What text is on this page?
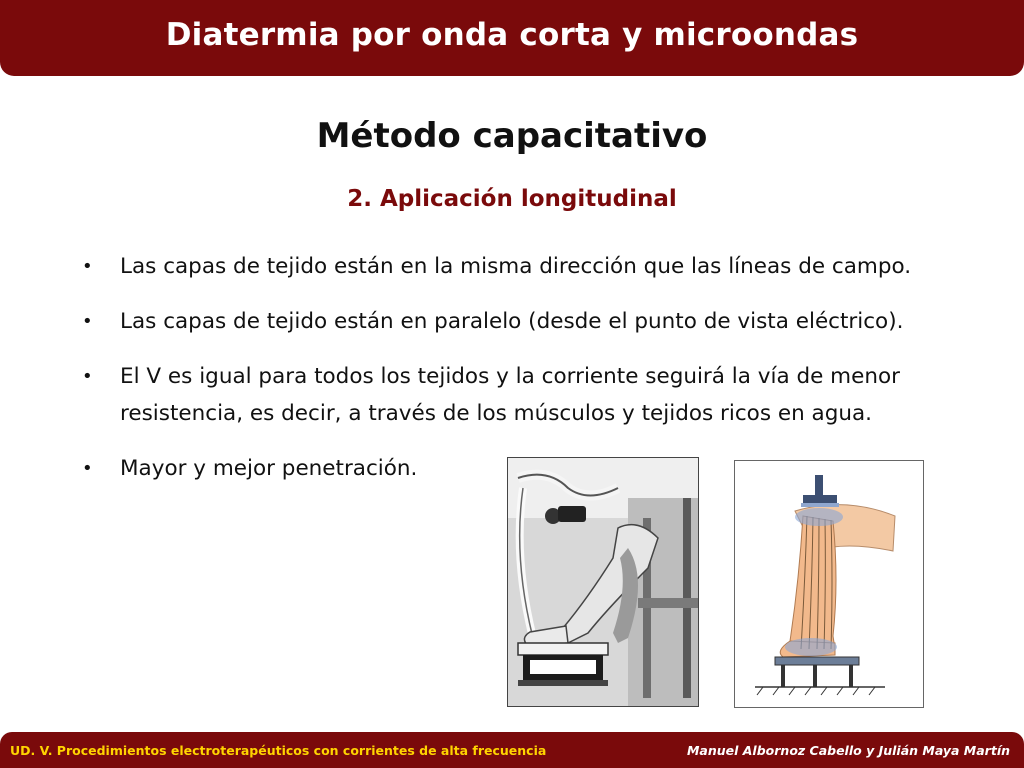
Diatermia por onda corta y microondas
Método capacitativo
2. Aplicación longitudinal
• Las capas de tejido están en la misma dirección que las líneas de campo.
• Las capas de tejido están en paralelo (desde el punto de vista eléctrico).
• El V es igual para todos los tejidos y la corriente seguirá la vía de menor resistencia, es decir, a través de los músculos y tejidos ricos en agua.
• Mayor y mejor penetración.
UD. V. Procedimientos electroterapéuticos con corrientes de alta frecuencia	Manuel Albornoz Cabello y Julián Maya Martín
